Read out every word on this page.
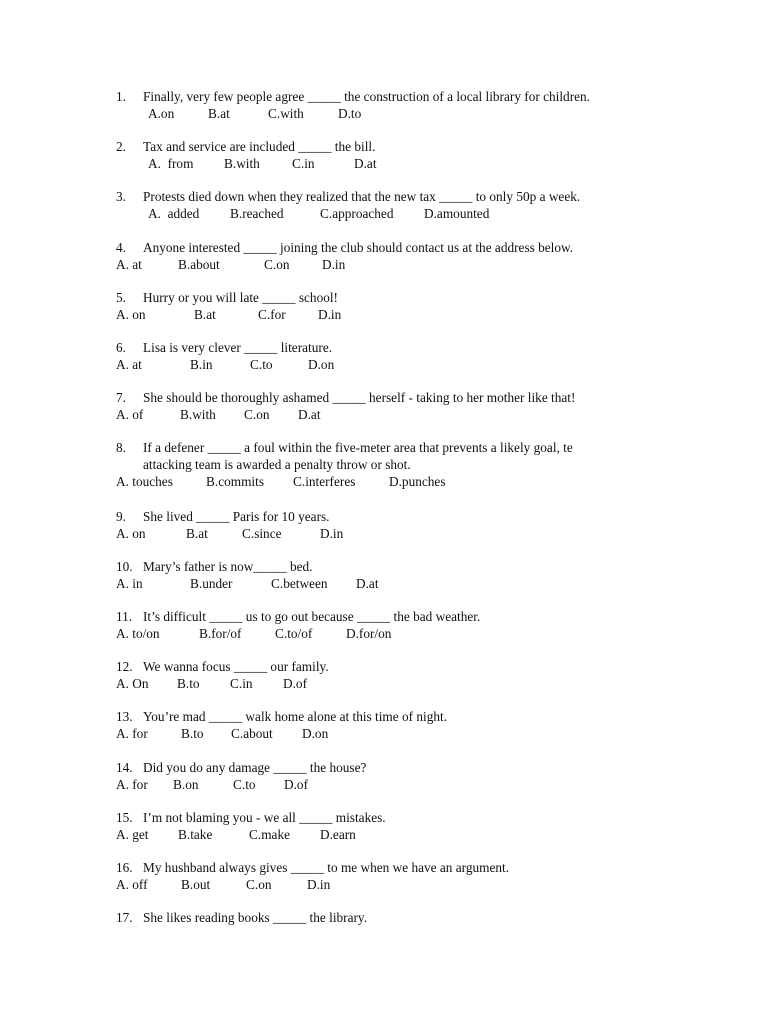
1. Finally, very few people agree _____ the construction of a local library for children.
A.on	B.at	C.with	D.to
2. Tax and service are included _____ the bill.
A.  from B.with C.in	D.at
3. Protests died down when they realized that the new tax _____ to only 50p a week.
A.  added B.reached	C.approached D.amounted
4. Anyone interested _____ joining the club should contact us at the address below.
A. at	B.about	C.on D.in
5. Hurry or you will late _____ school!
A. on	B.at	C.for D.in
6. Lisa is very clever _____ literature.
A. at	B.in	C.to	D.on
7. She should be thoroughly ashamed _____ herself - taking to her mother like that!
A. of	B.with C.on D.at
8. If a defener _____ a foul within the five-meter area that prevents a likely goal, te
attacking team is awarded a penalty throw or shot.
A. touches B.commits C.interferes	D.punches
9. She lived _____ Paris for 10 years.
A. on	B.at	C.since	D.in
10. Mary’s father is now_____ bed.
A. in	B.under	C.between D.at
11. It’s difficult _____ us to go out because _____ the bad weather.
A. to/on	B.for/of	C.to/of	D.for/on
12. We wanna focus _____ our family.
A. On B.to C.in D.of
13. You’re mad _____ walk home alone at this time of night.
A. for B.to C.about D.on
14. Did you do any damage _____ the house?
A. for B.on	C.to D.of
15. I’m not blaming you - we all _____ mistakes.
A. get B.take	C.make D.earn
16. My hushband always gives _____ to me when we have an argument.
A. off	B.out	C.on	D.in
17. She likes reading books _____ the library.
